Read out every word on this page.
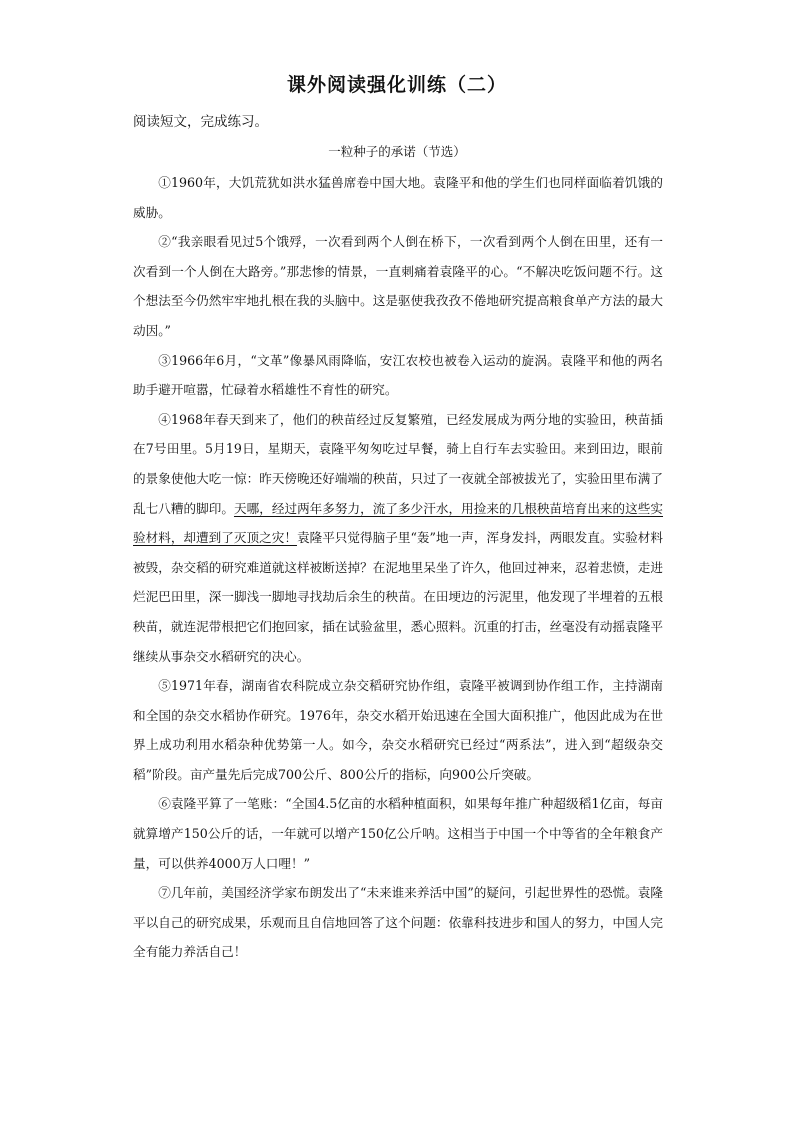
课外阅读强化训练（二）
阅读短文，完成练习。
一粒种子的承诺（节选）

①1960年，大饥荒犹如洪水猛兽席卷中国大地。袁隆平和他的学生们也同样面临着饥饿的威胁。

②“我亲眼看见过5个饿殍，一次看到两个人倒在桥下，一次看到两个人倒在田里，还有一次看到一个人倒在大路旁。”那悲惨的情景，一直刺痛着袁隆平的心。“不解决吃饭问题不行。这个想法至今仍然牢牢地扎根在我的头脑中。这是驱使我孜孜不倦地研究提高粮食单产方法的最大动因。”

③1966年6月，“文革”像暴风雨降临，安江农校也被卷入运动的旋涡。袁隆平和他的两名助手避开喧嚣，忙碌着水稻雄性不育性的研究。

④1968年春天到来了，他们的秧苗经过反复繁殖，已经发展成为两分地的实验田，秧苗插在7号田里。5月19日，星期天，袁隆平匆匆吃过早餐，骑上自行车去实验田。来到田边，眼前的景象使他大吃一惊：昨天傍晚还好端端的秧苗，只过了一夜就全部被拔光了，实验田里布满了乱七八糟的脚印。天哪，经过两年多努力，流了多少汗水，用捡来的几根秧苗培育出来的这些实验材料，却遭到了灭顶之灾！袁隆平只觉得脑子里“轰”地一声，浑身发抖，两眼发直。实验材料被毁，杂交稻的研究难道就这样被断送掉？在泥地里呆坐了许久，他回过神来，忍着悲愤，走进烂泥巴田里，深一脚浅一脚地寻找劫后余生的秧苗。在田埂边的污泥里，他发现了半埋着的五根秧苗，就连泥带根把它们抱回家，插在试验盆里，悉心照料。沉重的打击，丝毫没有动摇袁隆平继续从事杂交水稻研究的决心。

⑤1971年春，湖南省农科院成立杂交稻研究协作组，袁隆平被调到协作组工作，主持湖南和全国的杂交水稻协作研究。1976年，杂交水稻开始迅速在全国大面积推广，他因此成为在世界上成功利用水稻杂种优势第一人。如今，杂交水稻研究已经过“两系法”，进入到“超级杂交稻”阶段。亩产量先后完成700公斤、800公斤的指标，向900公斤突破。

⑥袁隆平算了一笔账：“全国4.5亿亩的水稻种植面积，如果每年推广种超级稻1亿亩，每亩就算增产150公斤的话，一年就可以增产150亿公斤呐。这相当于中国一个中等省的全年粮食产量，可以供养4000万人口哩！”

⑦几年前，美国经济学家布朗发出了“未来谁来养活中国”的疑问，引起世界性的恐慌。袁隆平以自己的研究成果，乐观而且自信地回答了这个问题：依靠科技进步和国人的努力，中国人完全有能力养活自己！
